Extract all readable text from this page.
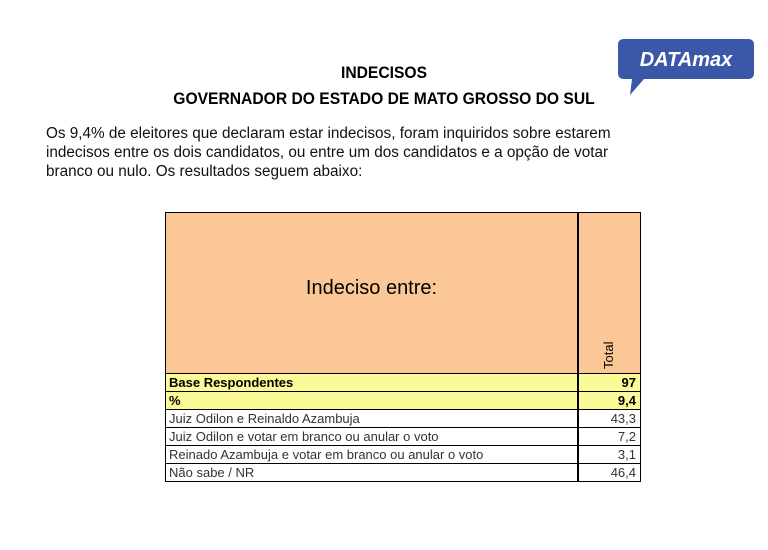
INDECISOS
GOVERNADOR DO ESTADO DE MATO GROSSO DO SUL
DATAmax
Os 9,4% de eleitores que declaram estar indecisos, foram inquiridos sobre estarem
indecisos entre os dois candidatos, ou entre um dos candidatos e a opção de votar
branco ou nulo. Os resultados seguem abaixo:
Indeciso entre:
Total
Base Respondentes	97
%	9,4
Juiz Odilon e Reinaldo Azambuja	43,3
Juiz Odilon e votar em branco ou anular o voto	7,2
Reinado Azambuja e votar em branco ou anular o voto	3,1
Não sabe / NR	46,4
